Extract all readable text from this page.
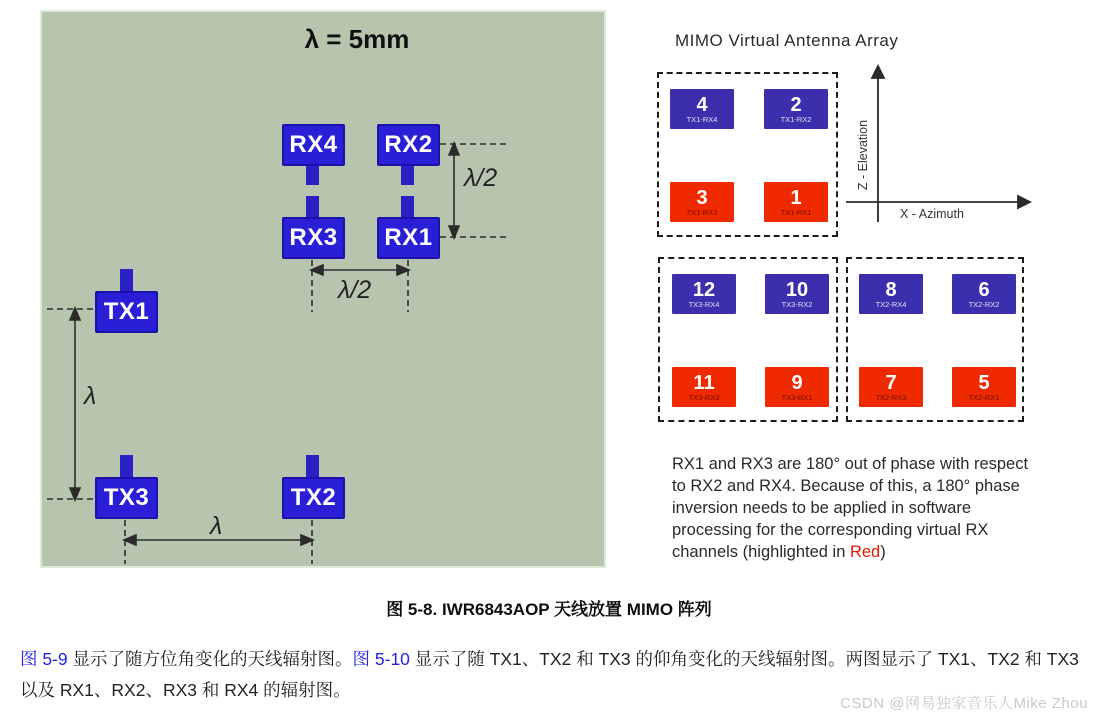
λ = 5mm
RX4 RX2
RX3 RX1
TX1
TX3	TX2
λ/2
λ/2
λ
λ
MIMO Virtual Antenna Array
4
TX1-RX4
2
TX1-RX2
3
TX1-RX3
1
TX1-RX1
Z - Elevation
X - Azimuth
12
TX3-RX4
10
TX3-RX2
11
TX3-RX3
9
TX3-RX1
8
TX2-RX4
6
TX2-RX2
7
TX2-RX3
5
TX2-RX1
RX1 and RX3 are 180° out of phase with respect to RX2 and RX4. Because of this, a 180° phase inversion needs to be applied in software processing for the corresponding virtual RX channels (highlighted in Red)
图 5-8. IWR6843AOP 天线放置 MIMO 阵列
图 5-9 显示了随方位角变化的天线辐射图。图 5-10 显示了随 TX1、TX2 和 TX3 的仰角变化的天线辐射图。两图显示了 TX1、TX2 和 TX3 以及 RX1、RX2、RX3 和 RX4 的辐射图。
CSDN @网易独家音乐人Mike Zhou
